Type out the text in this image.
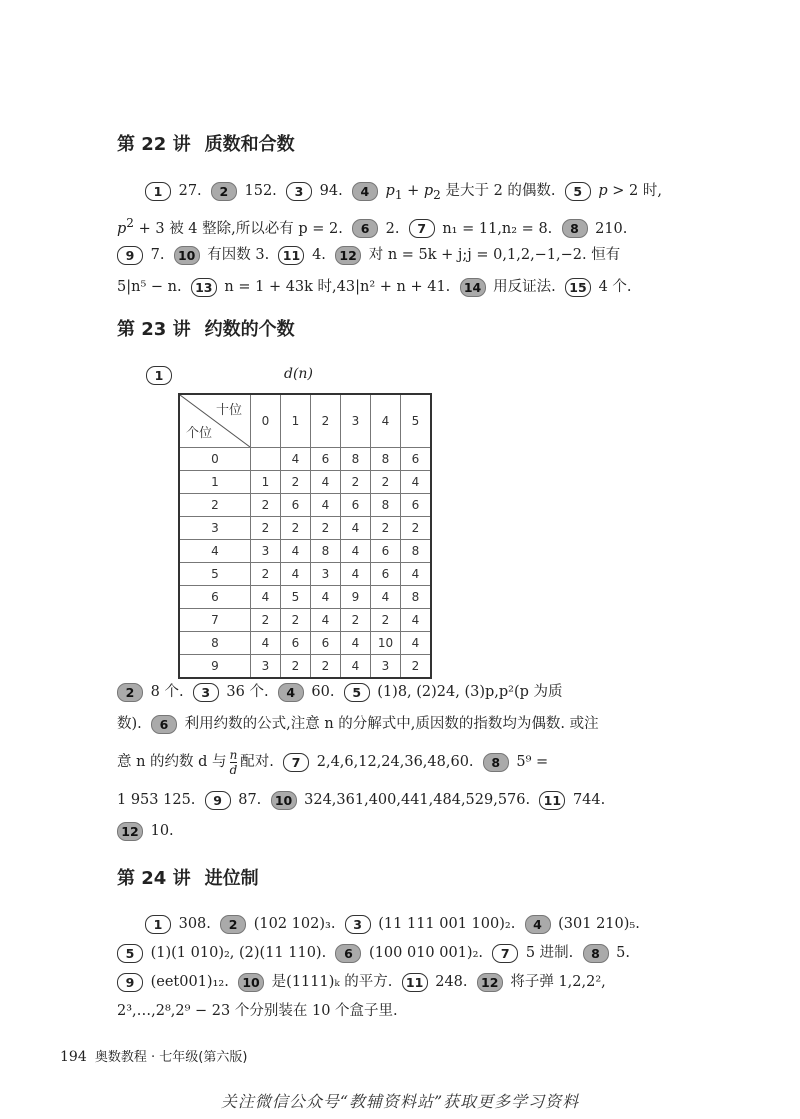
第 22 讲 质数和合数
1 27. 2 152. 3 94. 4 $p_1 + p_2$ 是大于 2 的偶数. 5 p > 2 时,
$p^2 + 3$ 被 4 整除,所以必有 p = 2. 6 2. 7 n₁ = 11,n₂ = 8. 8 210.
9 7. 10 有因数 3. 11 4. 12 对 n = 5k + j;j = 0,1,2,−1,−2. 恒有
5|n⁵ − n. 13 n = 1 + 43k 时,43|n² + n + 41. 14 用反证法. 15 4 个.
第 23 讲 约数的个数
1	d(n)
十位
个位	0	1	2	3	4	5
0		4	6	8	8	6
1	1	2	4	2	2	4
2	2	6	4	6	8	6
3	2	2	2	4	2	2
4	3	4	8	4	6	8
5	2	4	3	4	6	4
6	4	5	4	9	4	8
7	2	2	4	2	2	4
8	4	6	6	4	10	4
9	3	2	2	4	3	2
2 8 个. 3 36 个. 4 60. 5 (1)8, (2)24, (3)p,p²(p 为质
数). 6 利用约数的公式,注意 n 的分解式中,质因数的指数均为偶数. 或注
意 n 的约数 d 与 $\frac{n}{d}$ 配对. 7 2,4,6,12,24,36,48,60. 8 5⁹ =
1 953 125. 9 87. 10 324,361,400,441,484,529,576. 11 744.
12 10.
第 24 讲 进位制
1 308. 2 (102 102)₃. 3 (11 111 001 100)₂. 4 (301 210)₅.
5 (1)(1 010)₂, (2)(11 110). 6 (100 010 001)₂. 7 5 进制. 8 5.
9 (eet001)₁₂. 10 是(1111)ₖ 的平方. 11 248. 12 将子弹 1,2,2²,
2³,…,2⁸,2⁹ − 23 个分别装在 10 个盒子里.
194 奥数教程 · 七年级(第六版)
关注微信公众号“教辅资料站”获取更多学习资料
